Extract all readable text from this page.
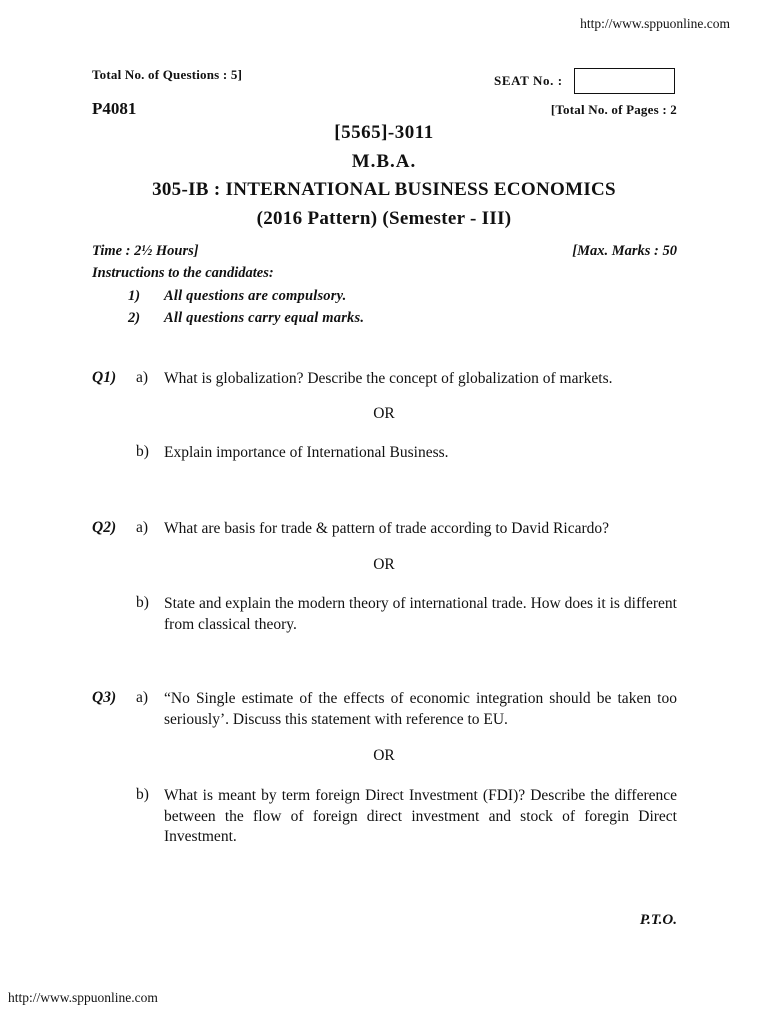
http://www.sppuonline.com
Total No. of Questions : 5]	SEAT No. :
P4081	[Total No. of Pages : 2
[5565]-3011
M.B.A.
305-IB : INTERNATIONAL BUSINESS ECONOMICS
(2016 Pattern) (Semester - III)
Time : 2½ Hours]	[Max. Marks : 50
Instructions to the candidates:
1) All questions are compulsory.
2) All questions carry equal marks.
Q1) a) What is globalization? Describe the concept of globalization of markets.
OR
b) Explain importance of International Business.
Q2) a) What are basis for trade & pattern of trade according to David Ricardo?
OR
b) State and explain the modern theory of international trade. How does it is different from classical theory.
Q3) a) “No Single estimate of the effects of economic integration should be taken too seriously’. Discuss this statement with reference to EU.
OR
b) What is meant by term foreign Direct Investment (FDI)? Describe the difference between the flow of foreign direct investment and stock of foregin Direct Investment.
P.T.O.
http://www.sppuonline.com
